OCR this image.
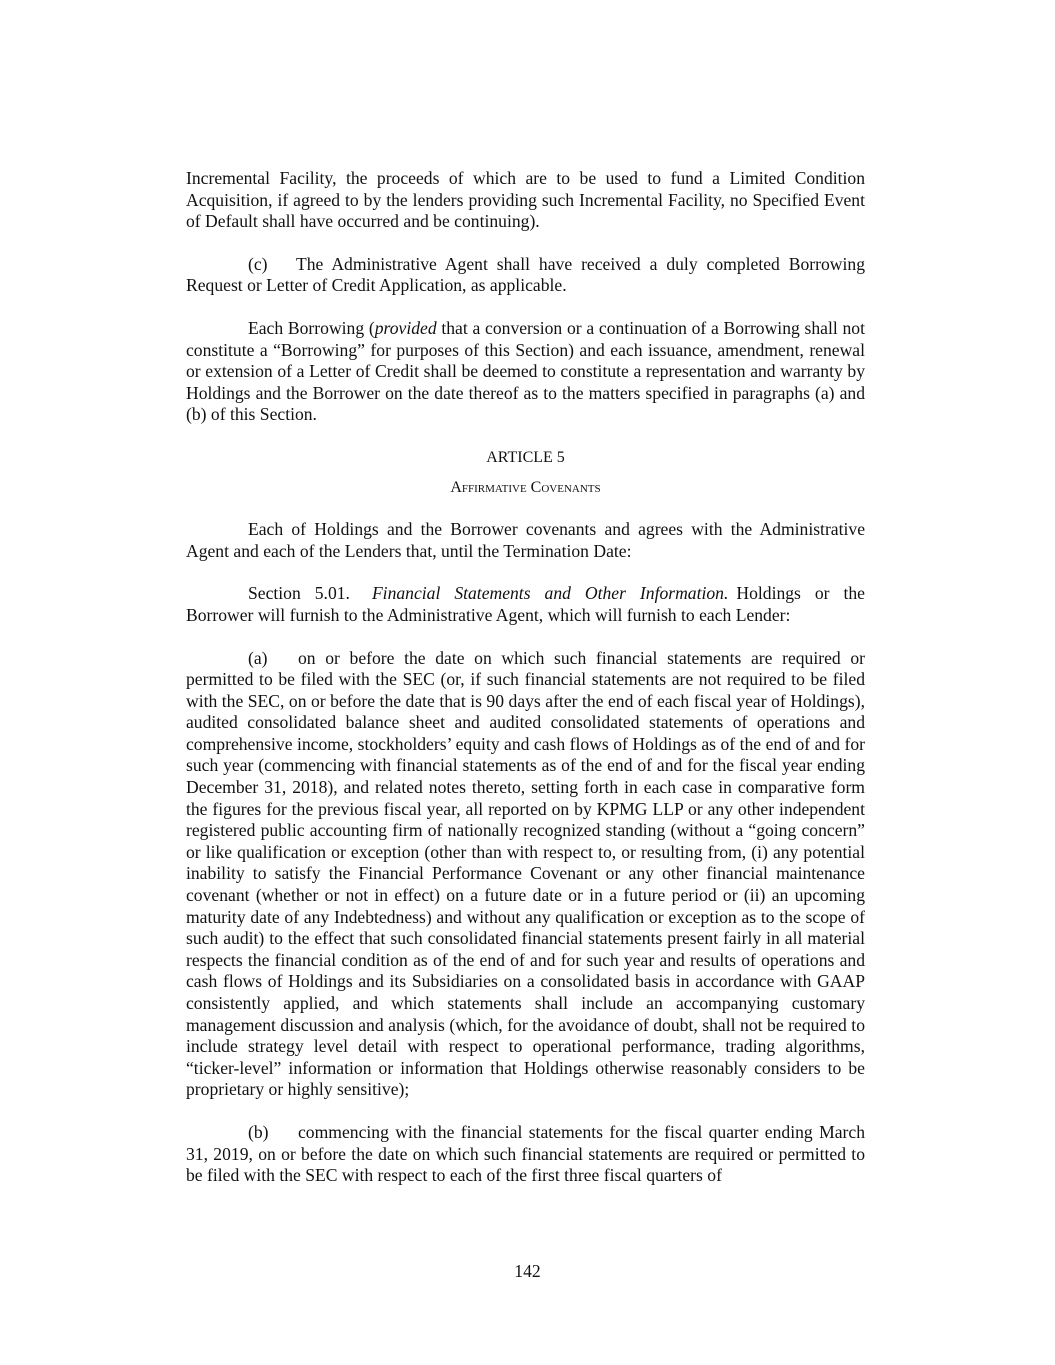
Incremental Facility, the proceeds of which are to be used to fund a Limited Condition Acquisition, if agreed to by the lenders providing such Incremental Facility, no Specified Event of Default shall have occurred and be continuing).

(c) The Administrative Agent shall have received a duly completed Borrowing Request or Letter of Credit Application, as applicable.

Each Borrowing (provided that a conversion or a continuation of a Borrowing shall not constitute a “Borrowing” for purposes of this Section) and each issuance, amendment, renewal or extension of a Letter of Credit shall be deemed to constitute a representation and warranty by Holdings and the Borrower on the date thereof as to the matters specified in paragraphs (a) and (b) of this Section.

ARTICLE 5

Affirmative Covenants

Each of Holdings and the Borrower covenants and agrees with the Administrative Agent and each of the Lenders that, until the Termination Date:

Section 5.01. Financial Statements and Other Information. Holdings or the Borrower will furnish to the Administrative Agent, which will furnish to each Lender:

(a) on or before the date on which such financial statements are required or permitted to be filed with the SEC (or, if such financial statements are not required to be filed with the SEC, on or before the date that is 90 days after the end of each fiscal year of Holdings), audited consolidated balance sheet and audited consolidated statements of operations and comprehensive income, stockholders’ equity and cash flows of Holdings as of the end of and for such year (commencing with financial statements as of the end of and for the fiscal year ending December 31, 2018), and related notes thereto, setting forth in each case in comparative form the figures for the previous fiscal year, all reported on by KPMG LLP or any other independent registered public accounting firm of nationally recognized standing (without a “going concern” or like qualification or exception (other than with respect to, or resulting from, (i) any potential inability to satisfy the Financial Performance Covenant or any other financial maintenance covenant (whether or not in effect) on a future date or in a future period or (ii) an upcoming maturity date of any Indebtedness) and without any qualification or exception as to the scope of such audit) to the effect that such consolidated financial statements present fairly in all material respects the financial condition as of the end of and for such year and results of operations and cash flows of Holdings and its Subsidiaries on a consolidated basis in accordance with GAAP consistently applied, and which statements shall include an accompanying customary management discussion and analysis (which, for the avoidance of doubt, shall not be required to include strategy level detail with respect to operational performance, trading algorithms, “ticker-level” information or information that Holdings otherwise reasonably considers to be proprietary or highly sensitive);

(b) commencing with the financial statements for the fiscal quarter ending March 31, 2019, on or before the date on which such financial statements are required or permitted to be filed with the SEC with respect to each of the first three fiscal quarters of

142
